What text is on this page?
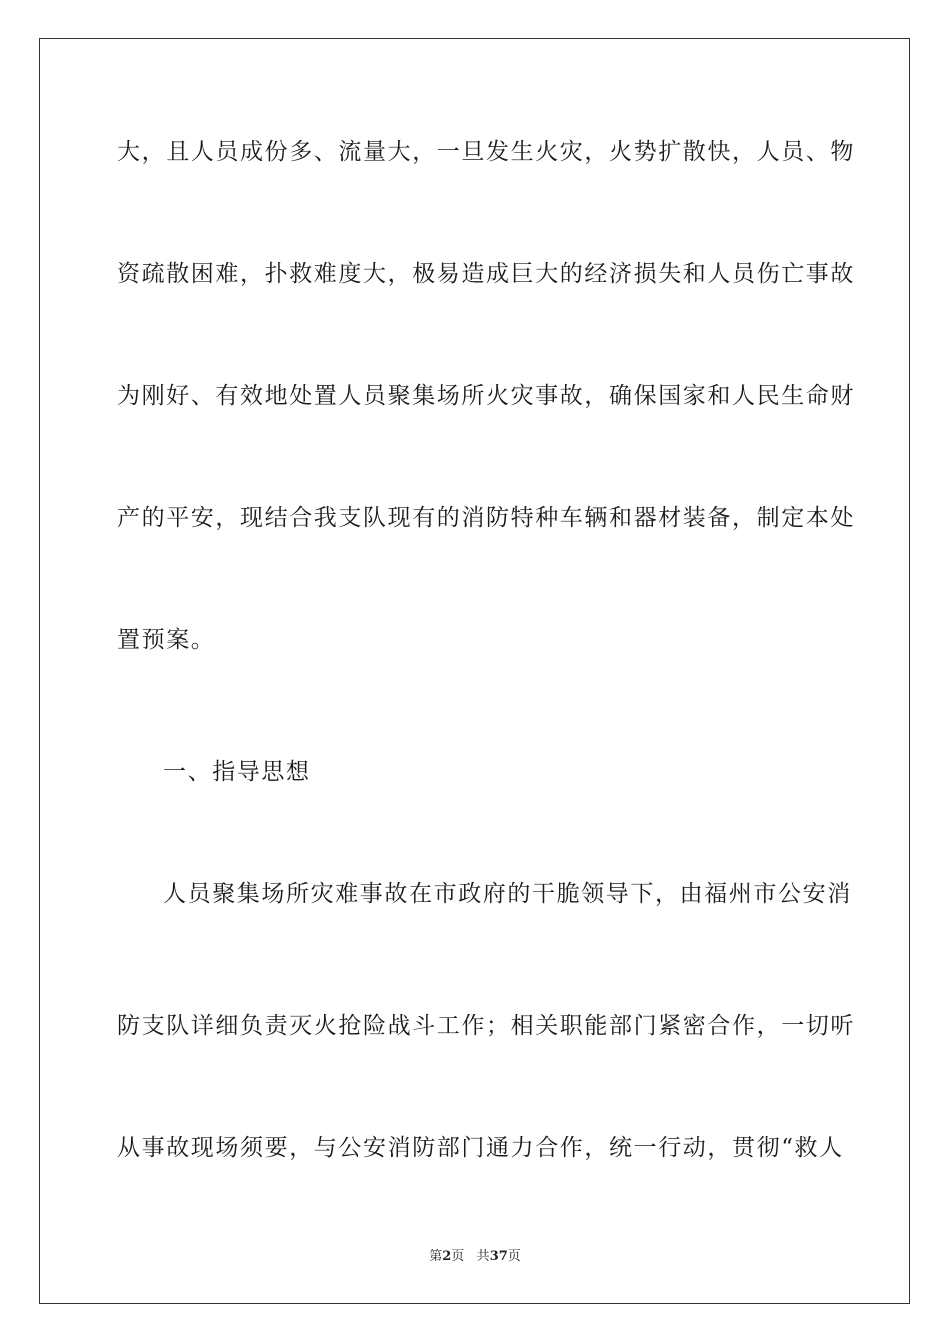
大，且人员成份多、流量大，一旦发生火灾，火势扩散快，人员、物
资疏散困难，扑救难度大，极易造成巨大的经济损失和人员伤亡事故
为刚好、有效地处置人员聚集场所火灾事故，确保国家和人民生命财
产的平安，现结合我支队现有的消防特种车辆和器材装备，制定本处
置预案。
一、指导思想
人员聚集场所灾难事故在市政府的干脆领导下，由福州市公安消
防支队详细负责灭火抢险战斗工作；相关职能部门紧密合作，一切听
从事故现场须要，与公安消防部门通力合作，统一行动，贯彻“救人
第2页 共37页
